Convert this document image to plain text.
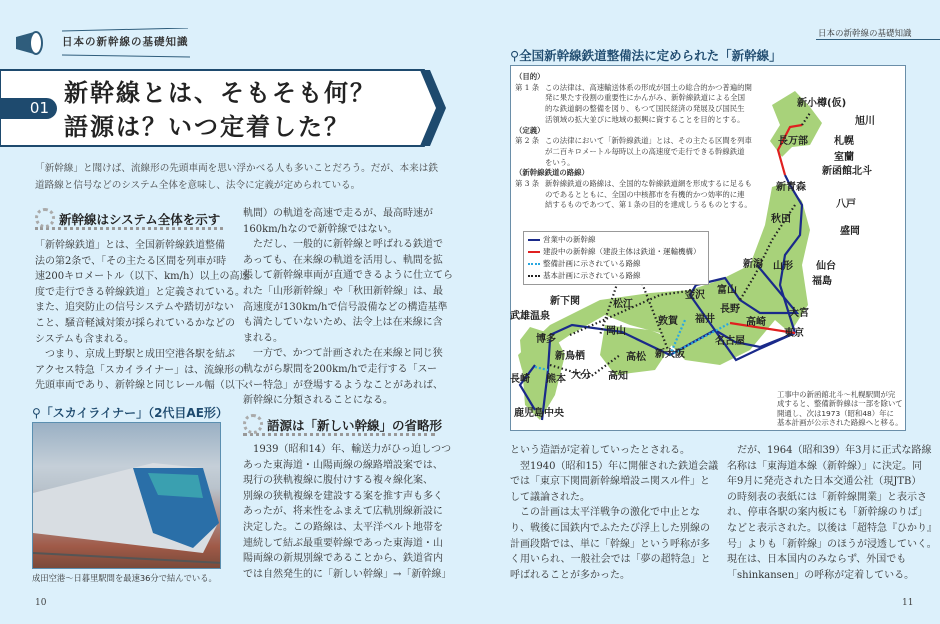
日本の新幹線の基礎知識
01
新幹線とは、そもそも何？
語源は？いつ定着した？
「新幹線」と聞けば、流線形の先頭車両を思い浮かべる人も多いことだろう。だが、本来は鉄
道路線と信号などのシステム全体を意味し、法令に定義が定められている。
新幹線はシステム全体を示す
「新幹線鉄道」とは、全国新幹線鉄道整備
法の第2条で、「その主たる区間を列車が時
速200キロメートル（以下、km/h）以上の高速
度で走行できる幹線鉄道」と定義されている。
また、追突防止の信号システムや踏切がない
こと、騒音軽減対策が採られているかなどの
システムも含まれる。
　つまり、京成上野駅と成田空港各駅を結ぶ
アクセス特急「スカイライナー」は、流線形の
先頭車両であり、新幹線と同じレール幅（以下、
軌間）の軌道を高速で走るが、最高時速が
160km/hなので新幹線ではない。
　ただし、一般的に新幹線と呼ばれる鉄道で
あっても、在来線の軌道を活用し、軌間を拡
張して新幹線車両が直通できるように仕立てら
れた「山形新幹線」や「秋田新幹線」は、最
高速度が130km/hで信号設備などの構造基準
も満たしていないため、法令上は在来線に含
まれる。
　一方で、かつて計画された在来線と同じ狭
軌ながら駅間を200km/hで走行する「スー
パー特急」が登場するようなことがあれば、
新幹線に分類されることになる。
語源は「新しい幹線」の省略形
　1939（昭和14）年、輸送力がひっ迫しつつ
あった東海道・山陽両線の線路増設案では、
現行の狭軌複線に腹付けする複々線化案、
別線の狭軌複線を建設する案を推す声も多く
あったが、将来性をふまえて広軌別線新設に
決定した。この路線は、太平洋ベルト地帯を
連続して結ぶ最重要幹線であった東海道・山
陽両線の新規別線であることから、鉄道省内
では自然発生的に「新しい幹線」→「新幹線」
⚲「スカイライナー」（2代目AE形）
成田空港～日暮里駅間を最速36分で結んでいる。
10
日本の新幹線の基礎知識
⚲全国新幹線鉄道整備法に定められた「新幹線」
（目的）
第 1 条 この法律は、高速輸送体系の形成が国土の総合的かつ普遍的開
発に果たす役割の重要性にかんがみ、新幹線鉄道による全国
的な鉄道網の整備を図り、もつて国民経済の発展及び国民生
活領域の拡大並びに地域の振興に資することを目的とする。
（定義）
第 2 条 この法律において「新幹線鉄道」とは、その主たる区間を列車
が二百キロメートル毎時以上の高速度で走行できる幹線鉄道
をいう。
（新幹線鉄道の路線）
第 3 条 新幹線鉄道の路線は、全国的な幹線鉄道網を形成するに足るも
のであるとともに、全国の中核都市を有機的かつ効率的に連
結するものであつて、第１条の目的を達成しうるものとする。
営業中の新幹線
建設中の新幹線（建設主体は鉄道・運輸機構）
整備計画に示されている路線
基本計画に示されている路線
新小樽(仮)
旭川
長万部	札幌
室蘭
新函館北斗
新青森
八戸
秋田
盛岡
新潟 山形 仙台
福島
金沢 富山
長野
高崎
大宮
東京
敦賀 福井
名古屋
新大阪
松江
岡山
高松
高知
新下関
武雄温泉
博多
新鳥栖
大分
熊本
長崎
鹿児島中央
工事中の新函館北斗～札幌駅間が完
成すると、整備新幹線は一部を除いて
開通し、次は1973（昭和48）年に
基本計画が公示された路線へと移る。
という造語が定着していったとされる。
　翌1940（昭和15）年に開催された鉄道会議
では「東京下関間新幹線増設ニ関スル件」と
して議論された。
　この計画は太平洋戦争の激化で中止とな
り、戦後に国鉄内でふたたび浮上した別線の
計画段階では、単に「幹線」という呼称が多
く用いられ、一般社会では「夢の超特急」と
呼ばれることが多かった。
　だが、1964（昭和39）年3月に正式な路線
名称は「東海道本線（新幹線）」に決定。同
年9月に発売された日本交通公社（現JTB）
の時刻表の表紙には「新幹線開業」と表示さ
れ、停車各駅の案内板にも「新幹線のりば」
などと表示された。以後は「超特急『ひかり』
号」よりも「新幹線」のほうが浸透していく。
現在は、日本国内のみならず、外国でも
「shinkansen」の呼称が定着している。
11
